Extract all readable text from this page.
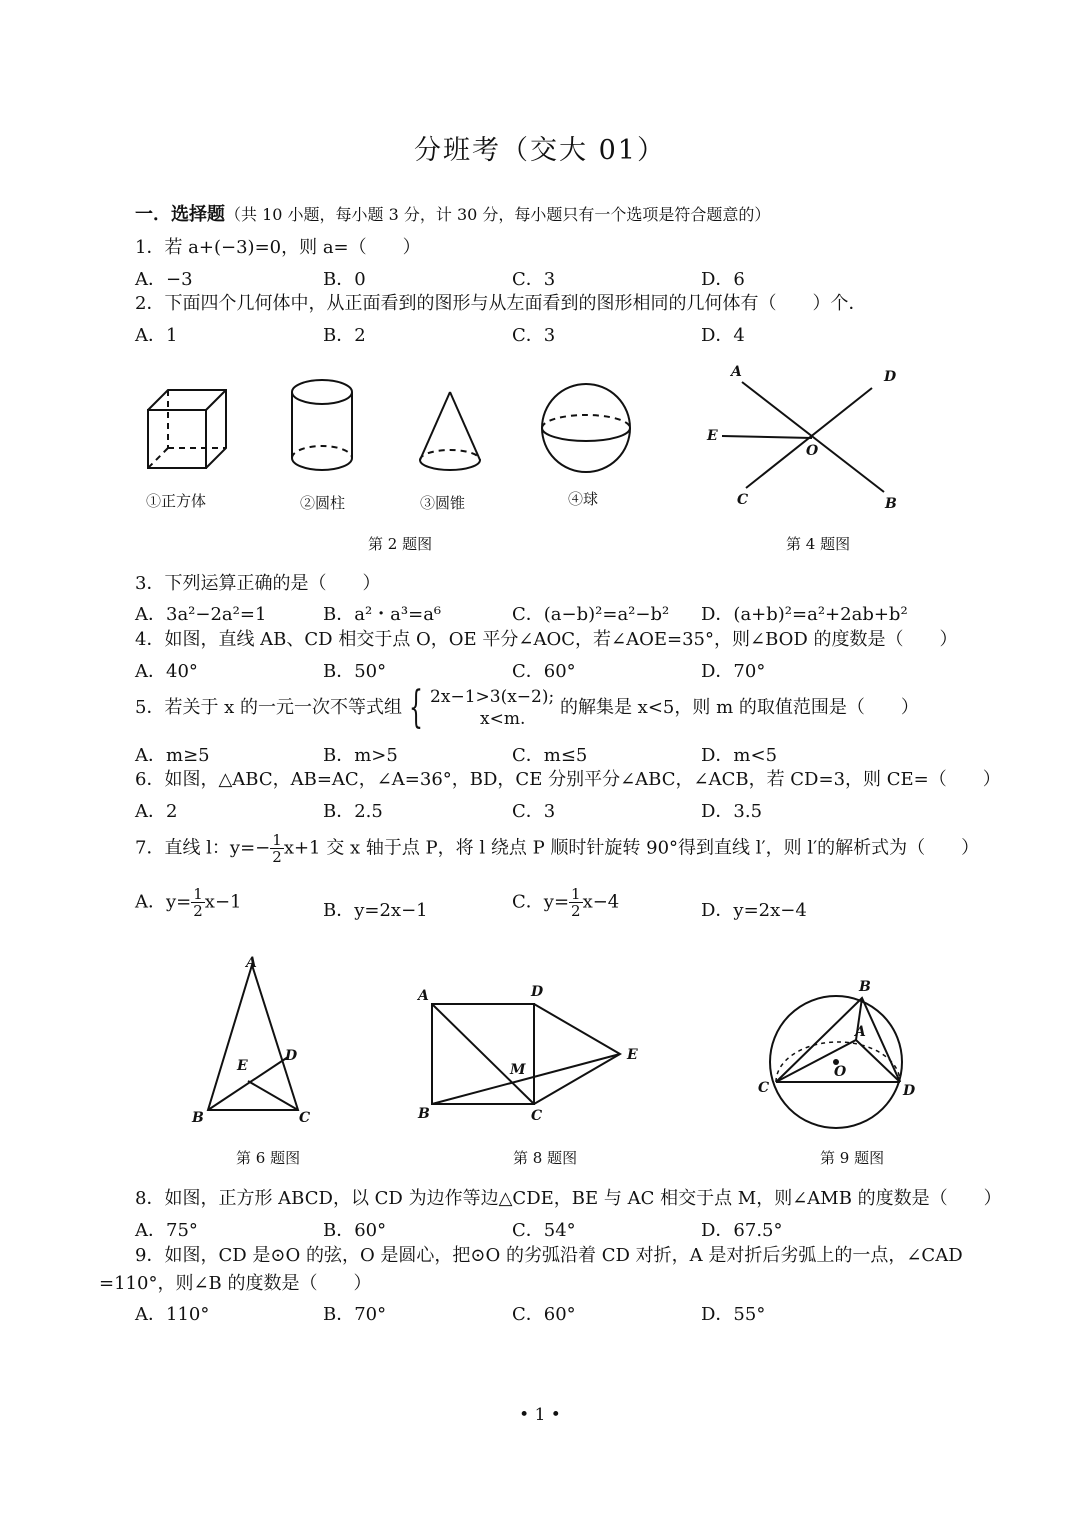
分班考（交大 01）
一．选择题（共 10 小题，每小题 3 分，计 30 分，每小题只有一个选项是符合题意的）
1．若 a+(−3)=0，则 a=（　　）
A．−3	B．0	C．3	D．6
2．下面四个几何体中，从正面看到的图形与从左面看到的图形相同的几何体有（　　）个．
A．1	B．2	C．3	D．4
①正方体	②圆柱	③圆锥	④球
第 2 题图
A	D
E
O
C	B
第 4 题图
3．下列运算正确的是（　　）
A．3a²−2a²=1	B．a²・a³=a⁶	C．(a−b)²=a²−b² D．(a+b)²=a²+2ab+b²
4．如图，直线 AB、CD 相交于点 O，OE 平分∠AOC，若∠AOE=35°，则∠BOD 的度数是（　　）
A．40°	B．50°	C．60°	D．70°
5．若关于 x 的一元一次不等式组 { 2x−1>3(x−2);
x<m.
的解集是 x<5，则 m 的取值范围是（　　）
A．m≥5	B．m>5	C．m≤5	D．m<5
6．如图，△ABC，AB=AC，∠A=36°，BD，CE 分别平分∠ABC，∠ACB，若 CD=3，则 CE=（　　）
A．2	B．2.5	C．3	D．3.5
7．直线 l：$y=- \frac{1}{2} x+1$ 交 x 轴于点 P，将 l 绕点 P 顺时针旋转 90°得到直线 l′，则 l′的解析式为（　　）
A．$y= \frac{1}{2} x-1$	B．y=2x−1	C．$y= \frac{1}{2} x-4$	D．y=2x−4
A
D
E
B	C
第 6 题图
A	D
E
M
B	C
第 8 题图
B
A
O
C	D
第 9 题图
8．如图，正方形 ABCD，以 CD 为边作等边△CDE，BE 与 AC 相交于点 M，则∠AMB 的度数是（　　）
A．75°	B．60°	C．54°	D．67.5°
9．如图，CD 是⊙O 的弦，O 是圆心，把⊙O 的劣弧沿着 CD 对折，A 是对折后劣弧上的一点，∠CAD
=110°，则∠B 的度数是（　　）
A．110°	B．70°	C．60°	D．55°
• 1 •
